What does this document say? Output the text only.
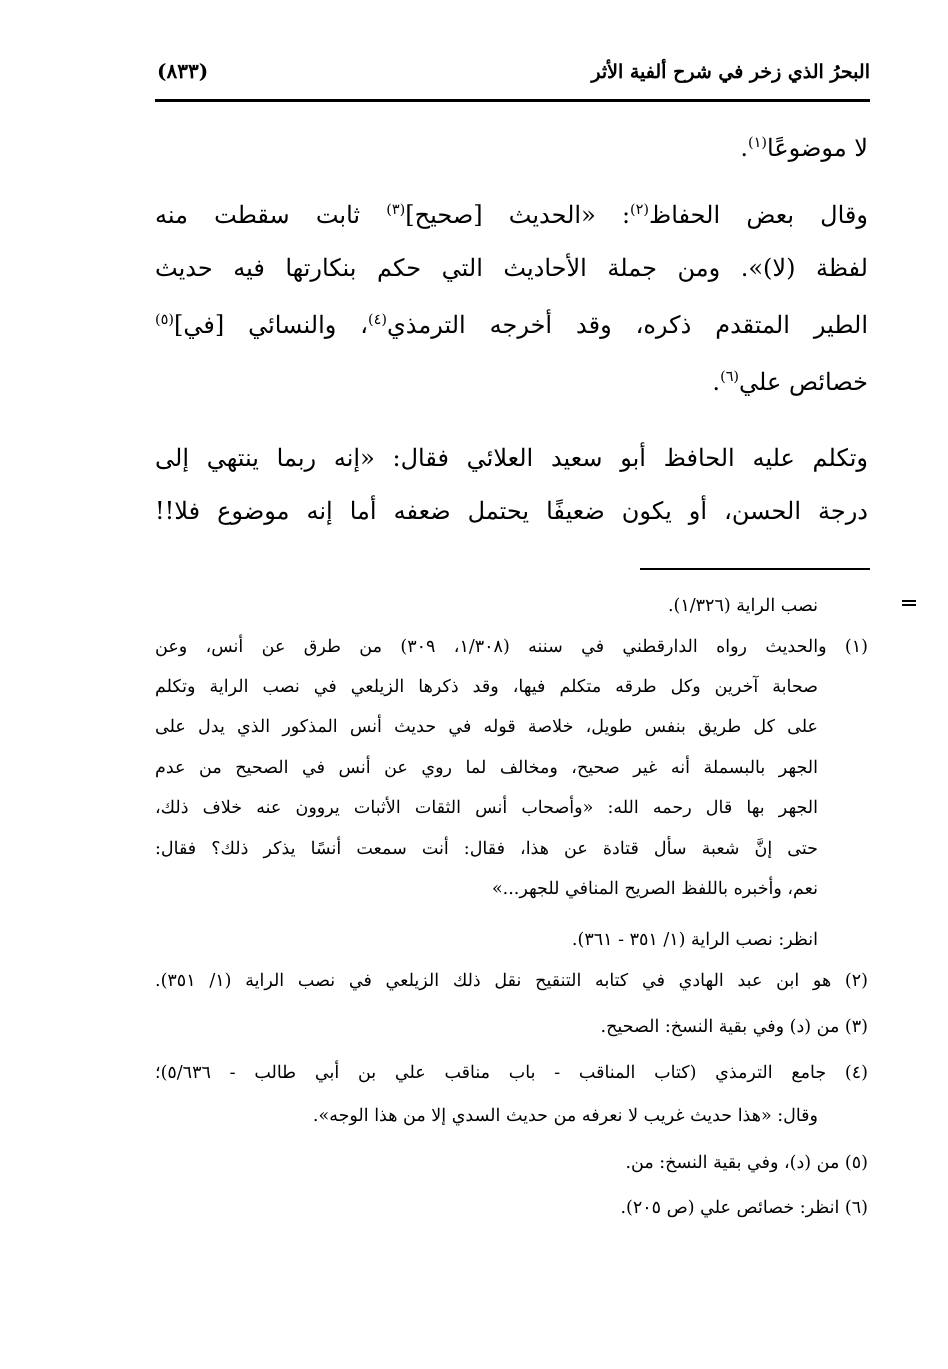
البحرُ الذي زخر في شرح ألفية الأثر
(٨٣٣)
لا موضوعًا$^{(١)}$.
وقال بعض الحفاظ$^{(٢)}$: «الحديث [صحيح]$^{(٣)}$ ثابت سقطت منه
لفظة (لا)». ومن جملة الأحاديث التي حكم بنكارتها فيه حديث
الطير المتقدم ذكره، وقد أخرجه الترمذي$^{(٤)}$، والنسائي [في]$^{(٥)}$
خصائص علي$^{(٦)}$.
وتكلم عليه الحافظ أبو سعيد العلائي فقال: «إنه ربما ينتهي إلى
درجة الحسن، أو يكون ضعيفًا يحتمل ضعفه أما إنه موضوع فلا!!
نصب الراية (١/٣٢٦).
(١) والحديث رواه الدارقطني في سننه (١/٣٠٨، ٣٠٩) من طرق عن أنس، وعن
صحابة آخرين وكل طرقه متكلم فيها، وقد ذكرها الزيلعي في نصب الراية وتكلم
على كل طريق بنفس طويل، خلاصة قوله في حديث أنس المذكور الذي يدل على
الجهر بالبسملة أنه غير صحيح، ومخالف لما روي عن أنس في الصحيح من عدم
الجهر بها قال رحمه الله: «وأصحاب أنس الثقات الأثبات يروون عنه خلاف ذلك،
حتى إنَّ شعبة سأل قتادة عن هذا، فقال: أنت سمعت أنسًا يذكر ذلك؟ فقال:
نعم، وأخبره باللفظ الصريح المنافي للجهر...»
انظر: نصب الراية (١/ ٣٥١ - ٣٦١).
(٢) هو ابن عبد الهادي في كتابه التنقيح نقل ذلك الزيلعي في نصب الراية (١/ ٣٥١).
(٣) من (د) وفي بقية النسخ: الصحيح.
(٤) جامع الترمذي (كتاب المناقب - باب مناقب علي بن أبي طالب - ٥/٦٣٦)؛
وقال: «هذا حديث غريب لا نعرفه من حديث السدي إلا من هذا الوجه».
(٥) من (د)، وفي بقية النسخ: من.
(٦) انظر: خصائص علي (ص ٢٠٥).
